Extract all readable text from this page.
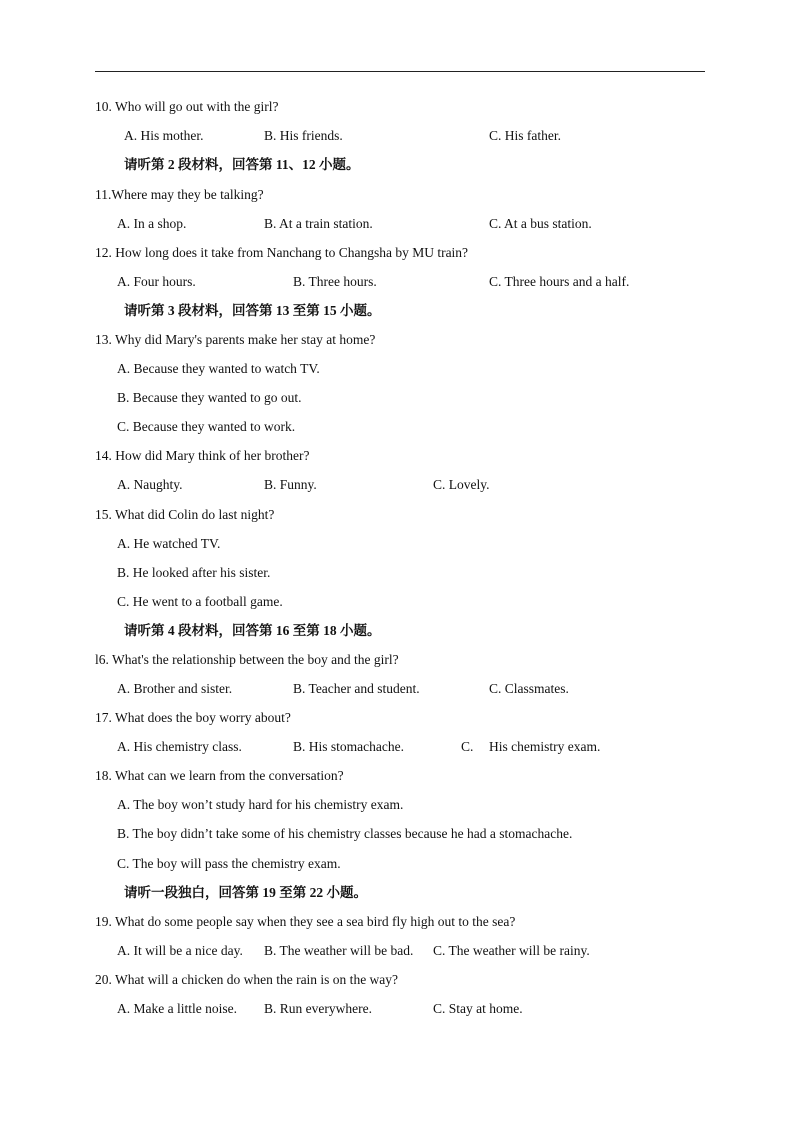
10. Who will go out with the girl?
A. His mother.	B. His friends.	C. His father.
请听第 2 段材料，回答第 11、12 小题。
11.Where may they be talking?
A. In a shop.	B. At a train station.	C. At a bus station.
12. How long does it take from Nanchang to Changsha by MU train?
A. Four hours.	B. Three hours.	C. Three hours and a half.
请听第 3 段材料，回答第 13 至第 15 小题。
13. Why did Mary's parents make her stay at home?
A. Because they wanted to watch TV.
B. Because they wanted to go out.
C. Because they wanted to work.
14. How did Mary think of her brother?
A. Naughty.	B. Funny.	C. Lovely.
15. What did Colin do last night?
A. He watched TV.
B. He looked after his sister.
C. He went to a football game.
请听第 4 段材料，回答第 16 至第 18 小题。
l6. What's the relationship between the boy and the girl?
A. Brother and sister.	B. Teacher and student.	C. Classmates.
17. What does the boy worry about?
A. His chemistry class.	B. His stomachache.	C. His chemistry exam.
18. What can we learn from the conversation?
A. The boy won’t study hard for his chemistry exam.
B. The boy didn’t take some of his chemistry classes because he had a stomachache.
C. The boy will pass the chemistry exam.
请听一段独白，回答第 19 至第 22 小题。
19. What do some people say when they see a sea bird fly high out to the sea?
A. It will be a nice day. B. The weather will be bad. C. The weather will be rainy.
20. What will a chicken do when the rain is on the way?
A. Make a little noise. B. Run everywhere.	C. Stay at home.
